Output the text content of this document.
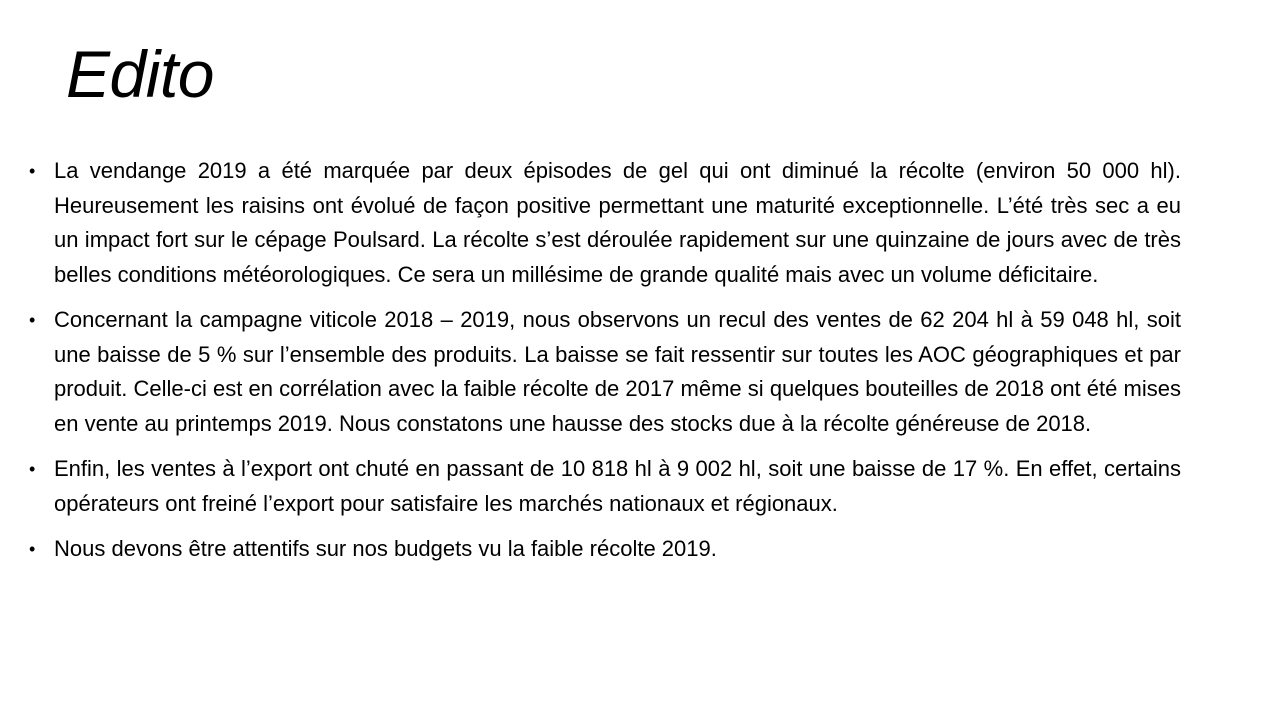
Edito
• La vendange 2019 a été marquée par deux épisodes de gel qui ont diminué la récolte (environ 50 000 hl). Heureusement les raisins ont évolué de façon positive permettant une maturité exceptionnelle. L’été très sec a eu un impact fort sur le cépage Poulsard. La récolte s’est déroulée rapidement sur une quinzaine de jours avec de très belles conditions météorologiques. Ce sera un millésime de grande qualité mais avec un volume déficitaire.
• Concernant la campagne viticole 2018 – 2019, nous observons un recul des ventes de 62 204 hl à 59 048 hl, soit une baisse de 5 % sur l’ensemble des produits. La baisse se fait ressentir sur toutes les AOC géographiques et par produit. Celle-ci est en corrélation avec la faible récolte de 2017 même si quelques bouteilles de 2018 ont été mises en vente au printemps 2019. Nous constatons une hausse des stocks due à la récolte généreuse de 2018.
• Enfin, les ventes à l’export ont chuté en passant de 10 818 hl à 9 002 hl, soit une baisse de 17 %. En effet, certains opérateurs ont freiné l’export pour satisfaire les marchés nationaux et régionaux.
• Nous devons être attentifs sur nos budgets vu la faible récolte 2019.
